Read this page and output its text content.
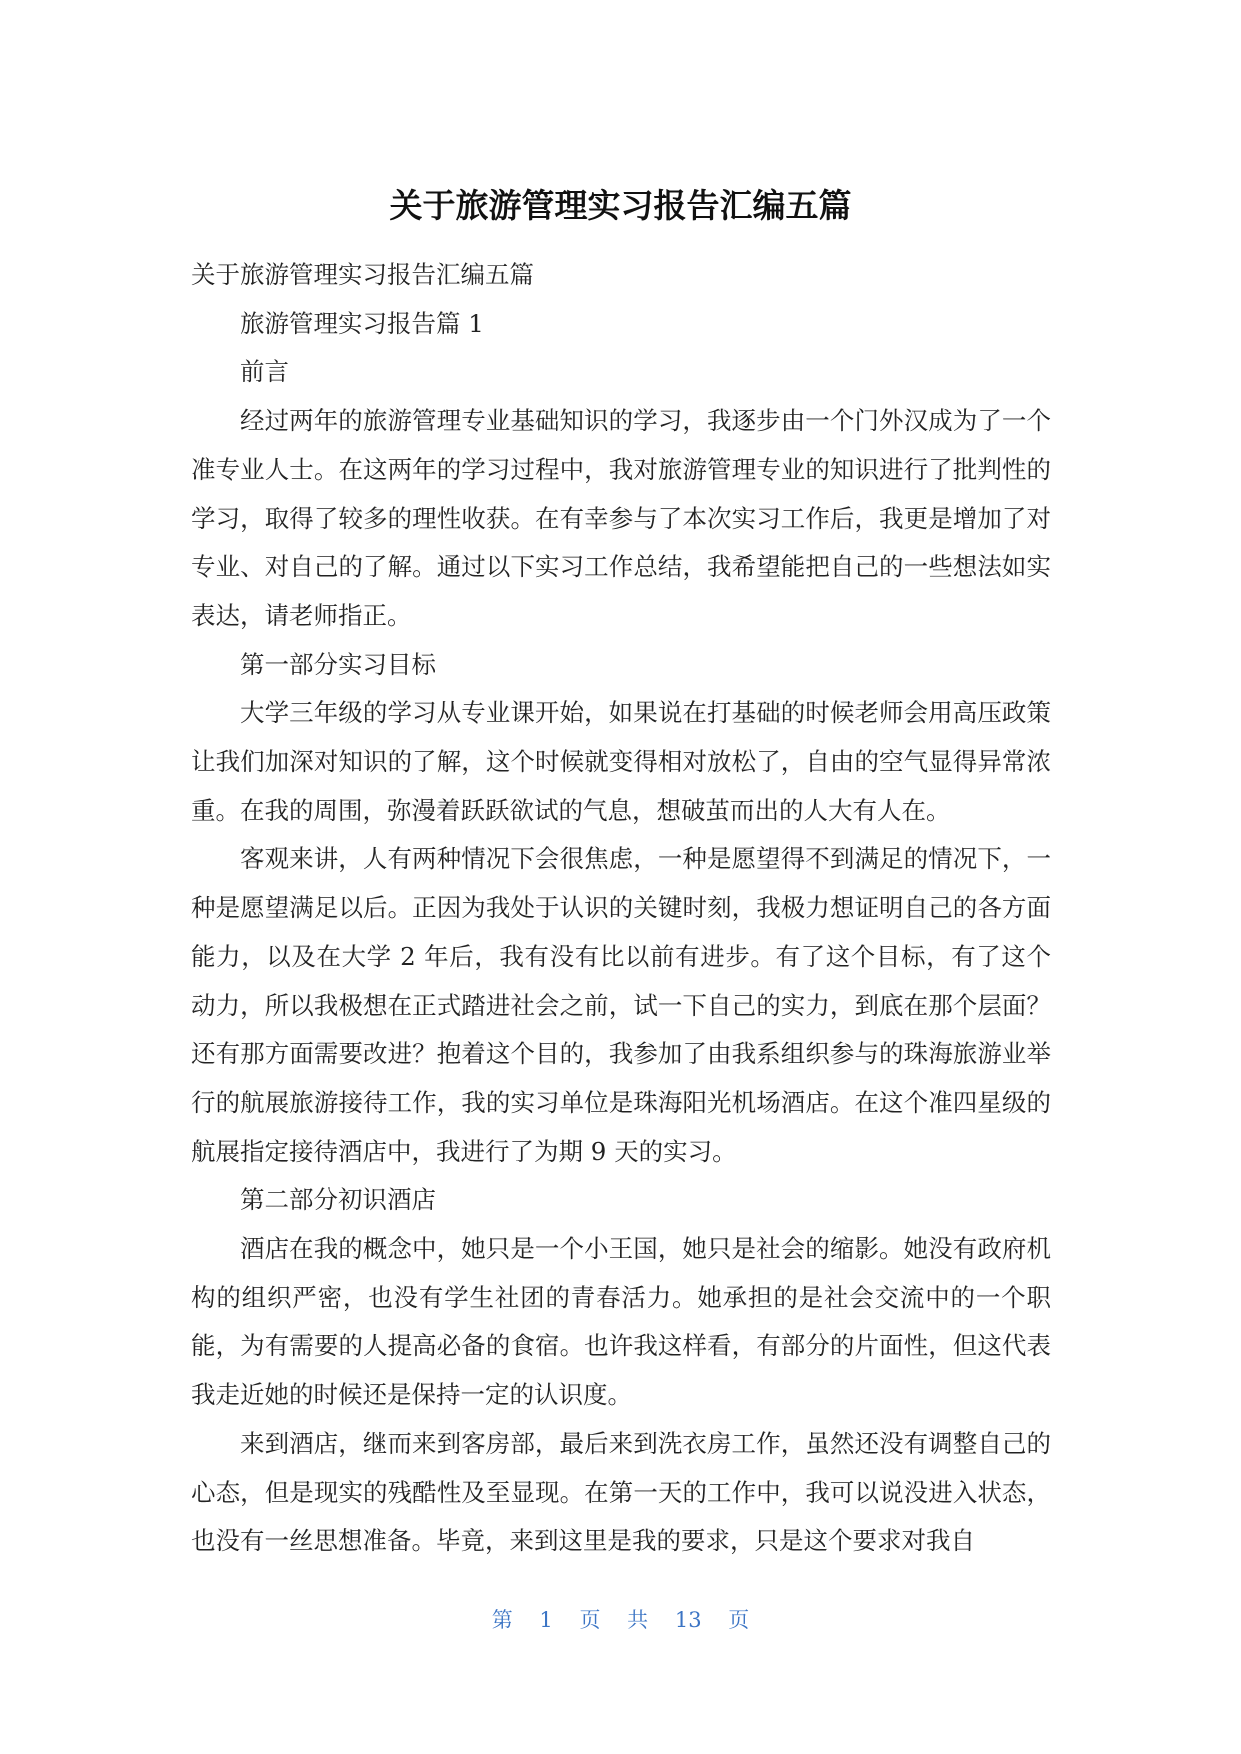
关于旅游管理实习报告汇编五篇

关于旅游管理实习报告汇编五篇

旅游管理实习报告篇 1

前言

经过两年的旅游管理专业基础知识的学习，我逐步由一个门外汉成为了一个准专业人士。在这两年的学习过程中，我对旅游管理专业的知识进行了批判性的学习，取得了较多的理性收获。在有幸参与了本次实习工作后，我更是增加了对专业、对自己的了解。通过以下实习工作总结，我希望能把自己的一些想法如实表达，请老师指正。

第一部分实习目标

大学三年级的学习从专业课开始，如果说在打基础的时候老师会用高压政策让我们加深对知识的了解，这个时候就变得相对放松了，自由的空气显得异常浓重。在我的周围，弥漫着跃跃欲试的气息，想破茧而出的人大有人在。

客观来讲，人有两种情况下会很焦虑，一种是愿望得不到满足的情况下，一种是愿望满足以后。正因为我处于认识的关键时刻，我极力想证明自己的各方面能力，以及在大学 2 年后，我有没有比以前有进步。有了这个目标，有了这个动力，所以我极想在正式踏进社会之前，试一下自己的实力，到底在那个层面？还有那方面需要改进？抱着这个目的，我参加了由我系组织参与的珠海旅游业举行的航展旅游接待工作，我的实习单位是珠海阳光机场酒店。在这个准四星级的航展指定接待酒店中，我进行了为期 9 天的实习。

第二部分初识酒店

酒店在我的概念中，她只是一个小王国，她只是社会的缩影。她没有政府机构的组织严密，也没有学生社团的青春活力。她承担的是社会交流中的一个职能，为有需要的人提高必备的食宿。也许我这样看，有部分的片面性，但这代表我走近她的时候还是保持一定的认识度。

来到酒店，继而来到客房部，最后来到洗衣房工作，虽然还没有调整自己的心态，但是现实的残酷性及至显现。在第一天的工作中，我可以说没进入状态，也没有一丝思想准备。毕竟，来到这里是我的要求，只是这个要求对我自

第 1 页 共 13 页
